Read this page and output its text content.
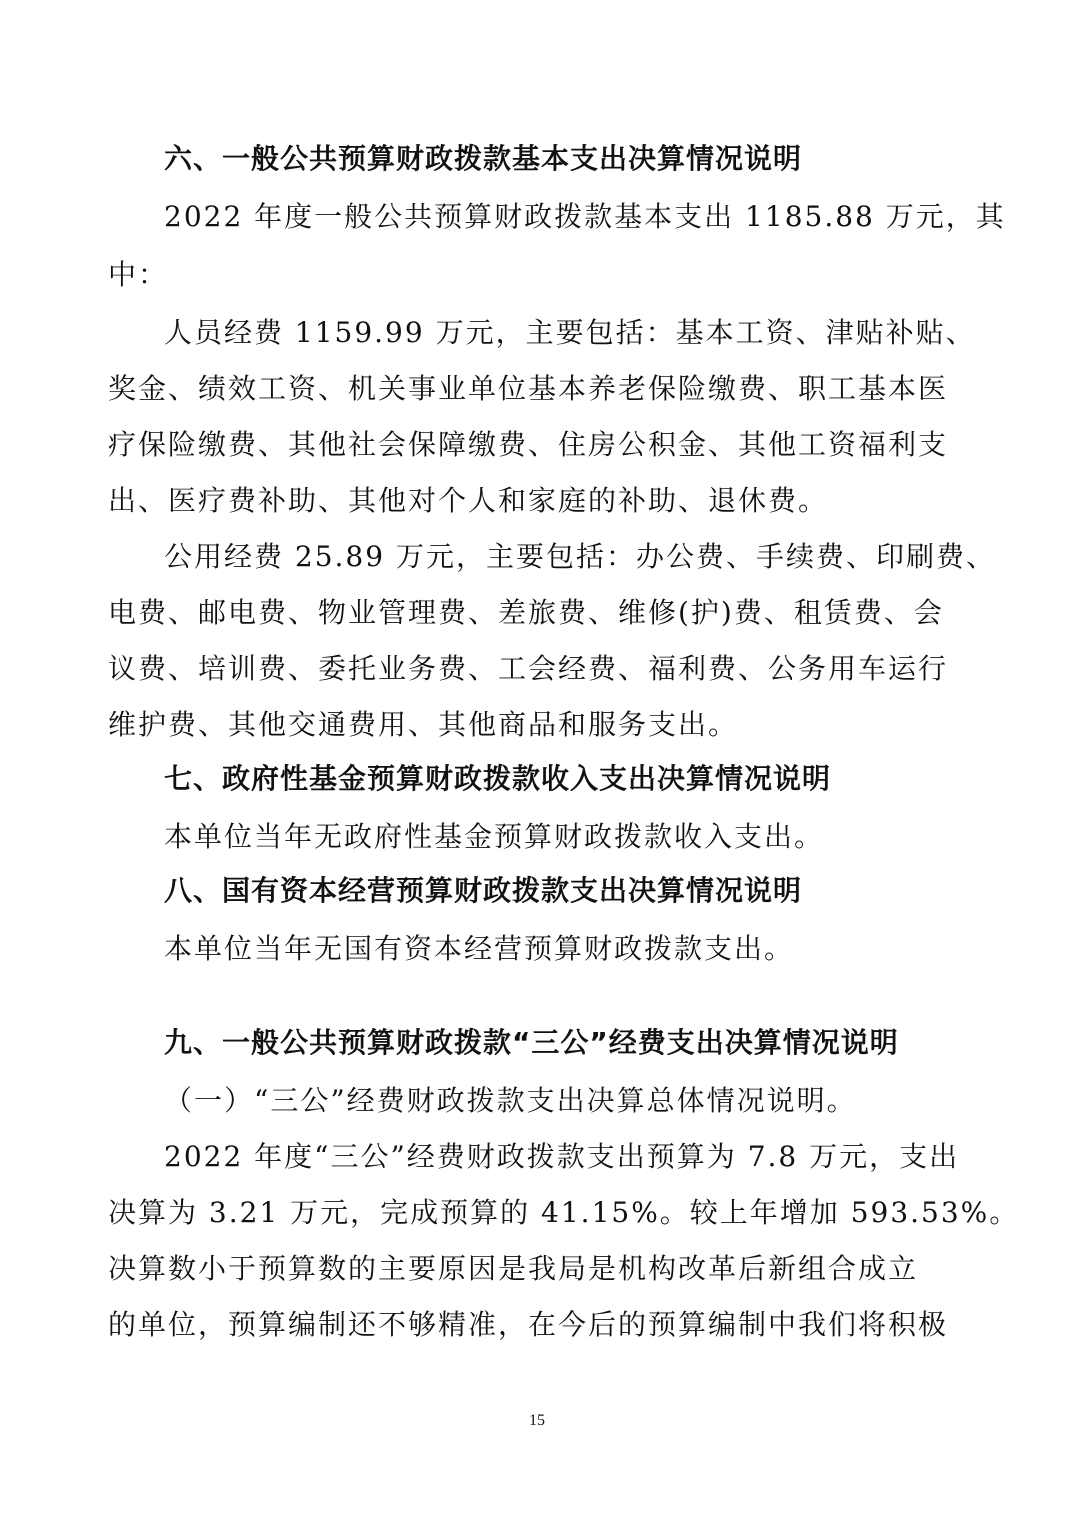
六、一般公共预算财政拨款基本支出决算情况说明
2022 年度一般公共预算财政拨款基本支出 1185.88 万元，其
中：
人员经费 1159.99 万元，主要包括：基本工资、津贴补贴、
奖金、绩效工资、机关事业单位基本养老保险缴费、职工基本医
疗保险缴费、其他社会保障缴费、住房公积金、其他工资福利支
出、医疗费补助、其他对个人和家庭的补助、退休费。
公用经费 25.89 万元，主要包括：办公费、手续费、印刷费、
电费、邮电费、物业管理费、差旅费、维修(护)费、租赁费、会
议费、培训费、委托业务费、工会经费、福利费、公务用车运行
维护费、其他交通费用、其他商品和服务支出。
七、政府性基金预算财政拨款收入支出决算情况说明
本单位当年无政府性基金预算财政拨款收入支出。
八、国有资本经营预算财政拨款支出决算情况说明
本单位当年无国有资本经营预算财政拨款支出。
九、一般公共预算财政拨款“三公”经费支出决算情况说明
（一）“三公”经费财政拨款支出决算总体情况说明。
2022 年度“三公”经费财政拨款支出预算为 7.8 万元，支出
决算为 3.21 万元，完成预算的 41.15%。较上年增加 593.53%。
决算数小于预算数的主要原因是我局是机构改革后新组合成立
的单位，预算编制还不够精准，在今后的预算编制中我们将积极
15
